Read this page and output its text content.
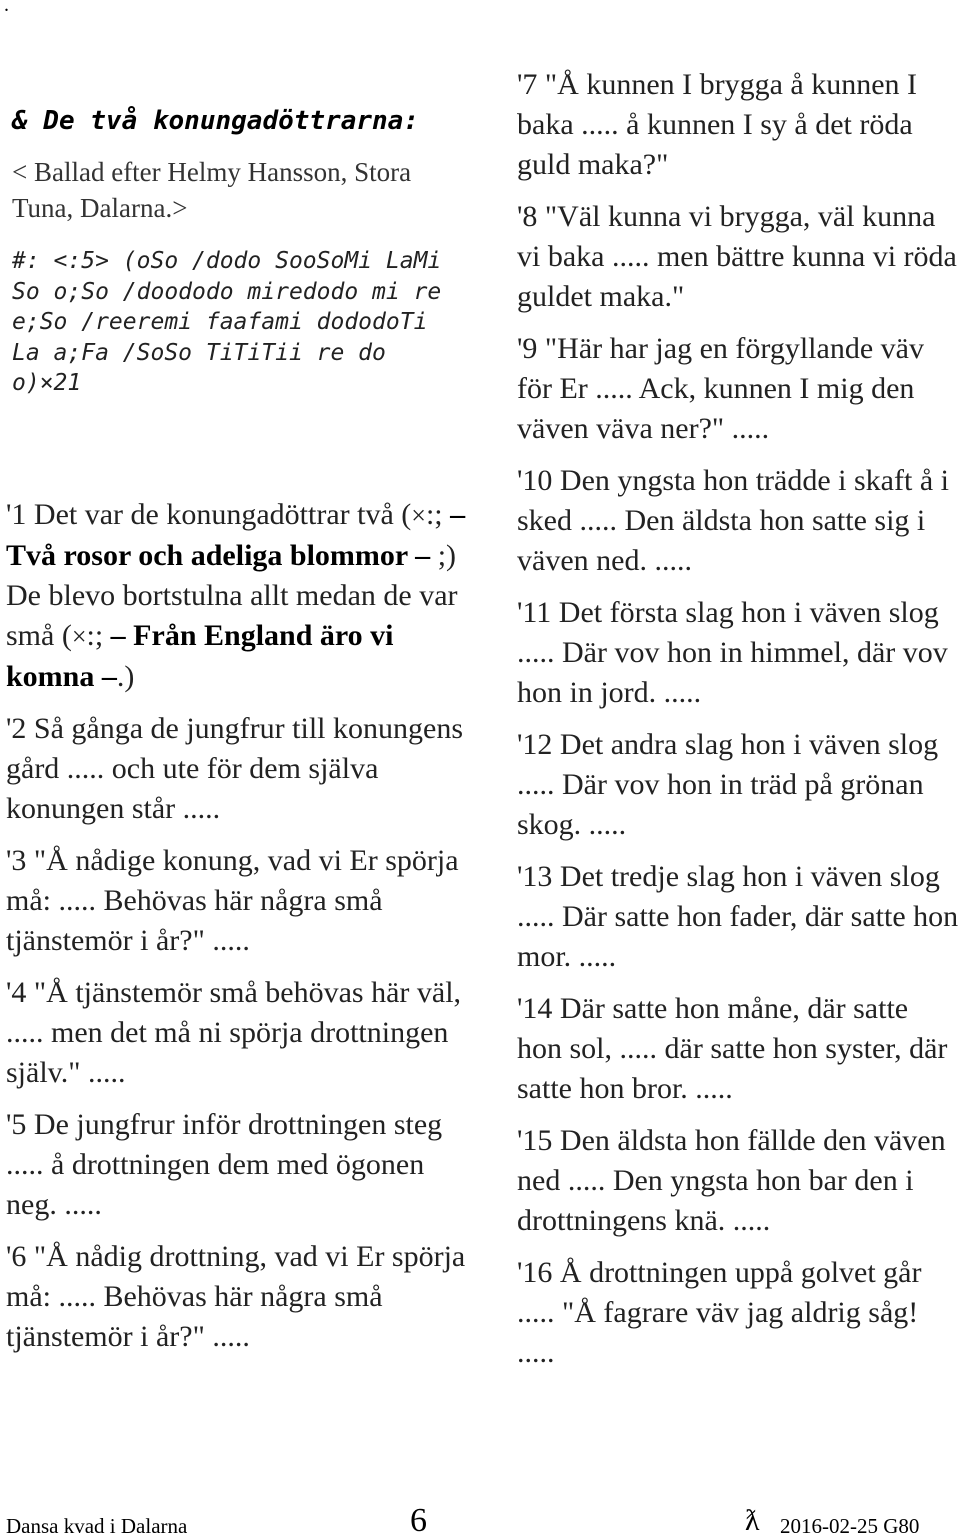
.
& De två konungadöttrarna:

< Ballad efter Helmy Hansson, Stora Tuna, Dalarna.>

#: <:5> (oSo /dodo SooSoMi LaMi So o;So /doododo miredodo mi re e;So /reeremi faafami dododoTi La a;Fa /SoSo TiTiTii re do o)×21

'1 Det var de konungadöttrar två (×:; – Två rosor och adeliga blommor – ;) De blevo bortstulna allt medan de var små (×:; – Från England äro vi komna –.)

'2 Så gånga de jungfrur till konungens gård ..... och ute för dem själva konungen står .....

'3 "Å nådige konung, vad vi Er spörja må: ..... Behövas här några små tjänstemör i år?" .....

'4 "Å tjänstemör små behövas här väl, ..... men det må ni spörja drottningen själv." .....

'5 De jungfrur inför drottningen steg ..... å drottningen dem med ögonen neg. .....

'6 "Å nådig drottning, vad vi Er spörja må: ..... Behövas här några små tjänstemör i år?" .....

'7 "Å kunnen I brygga å kunnen I baka ..... å kunnen I sy å det röda guld maka?"

'8 "Väl kunna vi brygga, väl kunna vi baka ..... men bättre kunna vi röda guldet maka."

'9 "Här har jag en förgyllande väv för Er ..... Ack, kunnen I mig den väven väva ner?" .....

'10 Den yngsta hon trädde i skaft å i sked ..... Den äldsta hon satte sig i väven ned. .....

'11 Det första slag hon i väven slog ..... Där vov hon in himmel, där vov hon in jord. .....

'12 Det andra slag hon i väven slog ..... Där vov hon in träd på grönan skog. .....

'13 Det tredje slag hon i väven slog ..... Där satte hon fader, där satte hon mor. .....

'14 Där satte hon måne, där satte hon sol, ..... där satte hon syster, där satte hon bror. .....

'15 Den äldsta hon fällde den väven ned ..... Den yngsta hon bar den i drottningens knä. .....

'16 Å drottningen uppå golvet går ..... "Å fagrare väv jag aldrig såg! .....

Dansa kvad i Dalarna	6	ƛ 2016-02-25 G80
